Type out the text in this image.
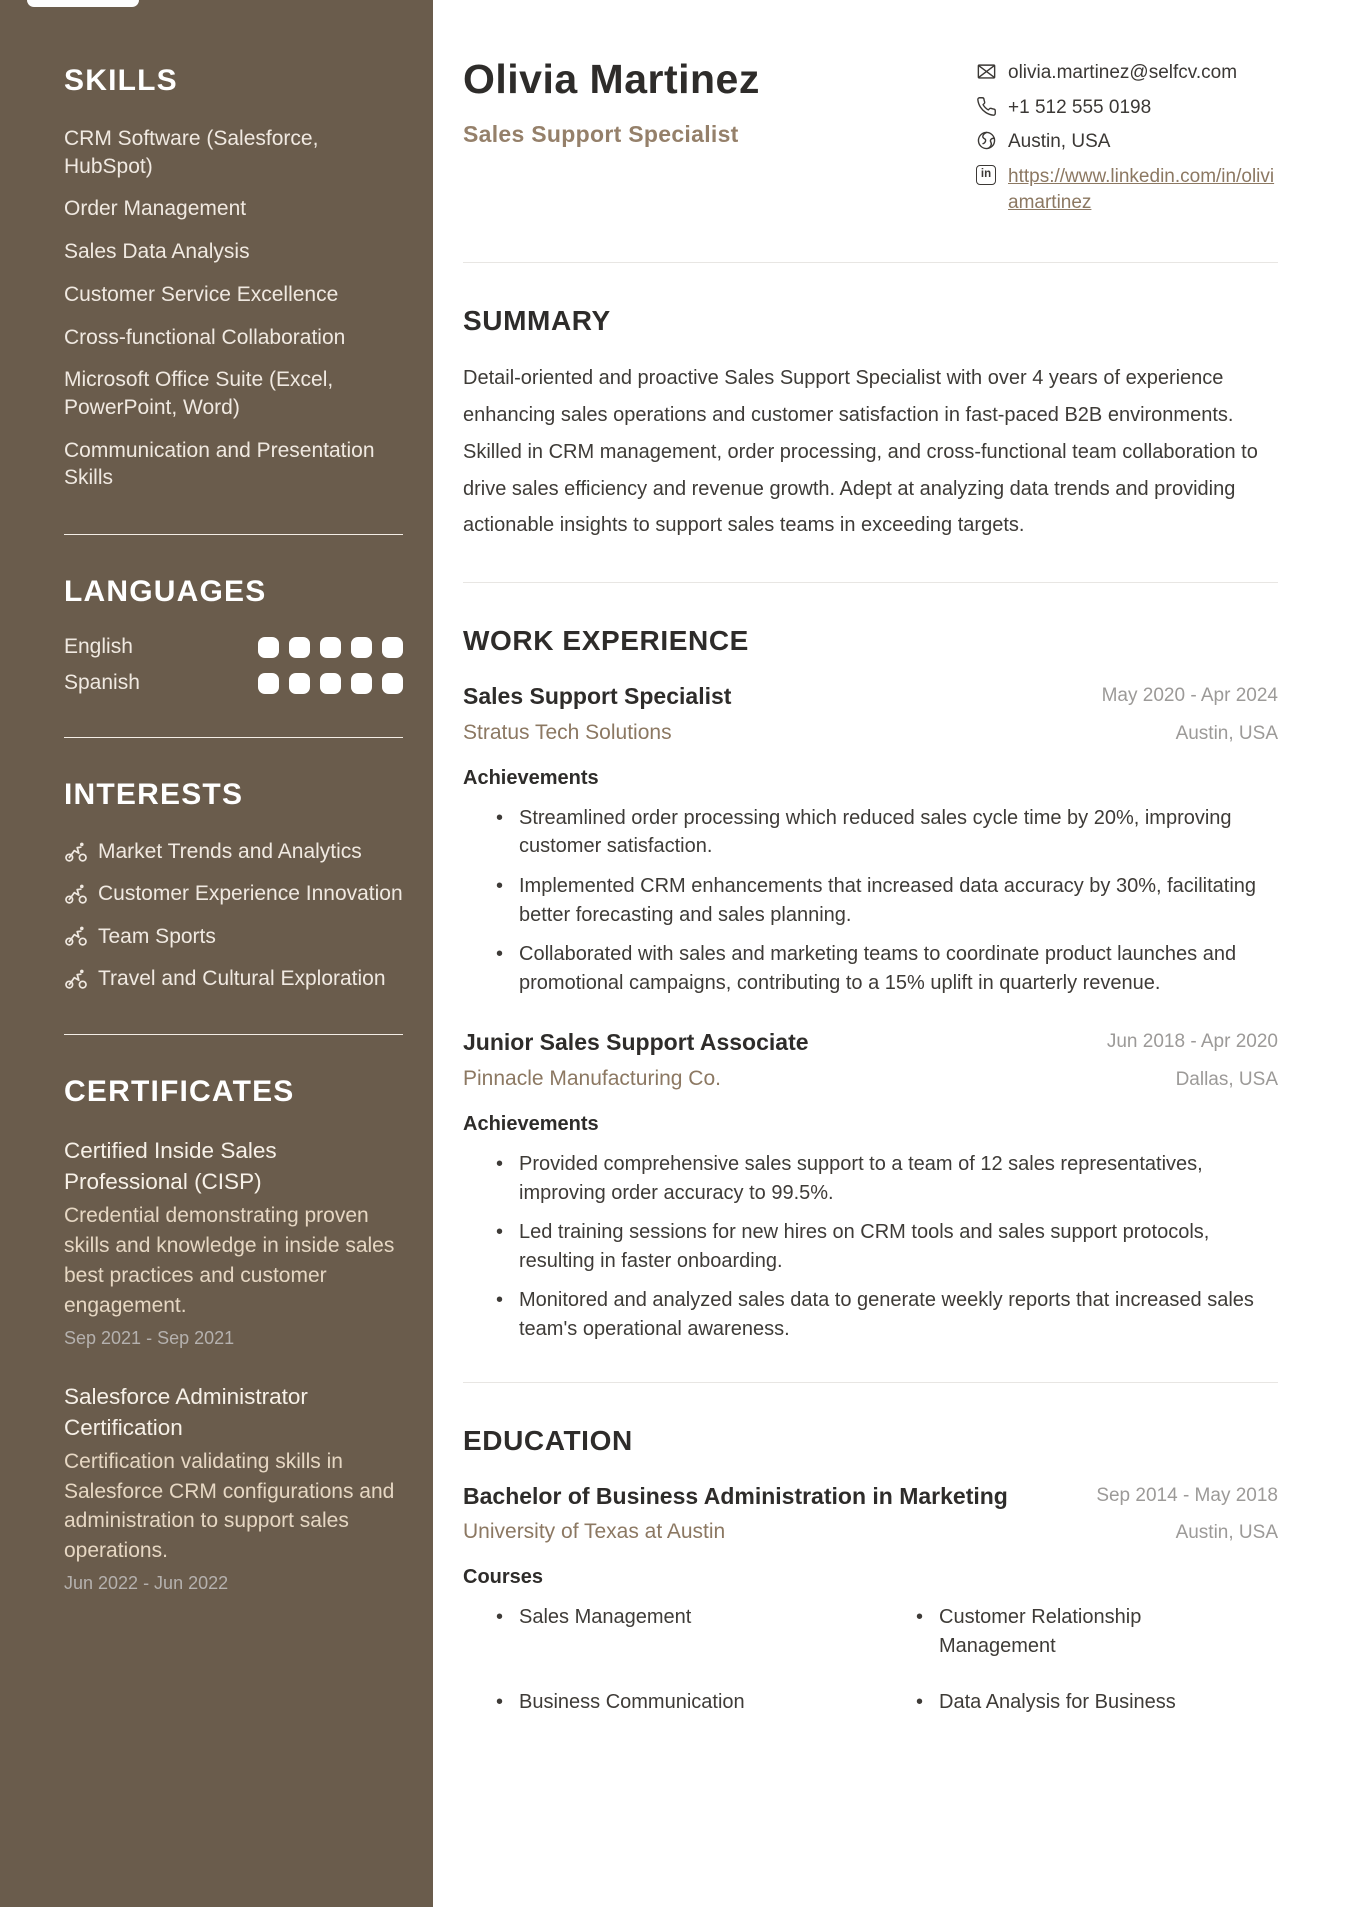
SKILLS
CRM Software (Salesforce, HubSpot)
Order Management
Sales Data Analysis
Customer Service Excellence
Cross-functional Collaboration
Microsoft Office Suite (Excel, PowerPoint, Word)
Communication and Presentation Skills
LANGUAGES
English
Spanish
INTERESTS
Market Trends and Analytics
Customer Experience Innovation
Team Sports
Travel and Cultural Exploration
CERTIFICATES
Certified Inside Sales Professional (CISP)
Credential demonstrating proven skills and knowledge in inside sales best practices and customer engagement.
Sep 2021 - Sep 2021
Salesforce Administrator Certification
Certification validating skills in Salesforce CRM configurations and administration to support sales operations.
Jun 2022 - Jun 2022
Olivia Martinez
Sales Support Specialist
olivia.martinez@selfcv.com
+1 512 555 0198
Austin, USA
in
https://www.linkedin.com/in/oliviamartinez
SUMMARY

Detail-oriented and proactive Sales Support Specialist with over 4 years of experience enhancing sales operations and customer satisfaction in fast-paced B2B environments. Skilled in CRM management, order processing, and cross-functional team collaboration to drive sales efficiency and revenue growth. Adept at analyzing data trends and providing actionable insights to support sales teams in exceeding targets.

WORK EXPERIENCE
Sales Support Specialist
Stratus Tech Solutions
May 2020 - Apr 2024
Austin, USA
Achievements
• Streamlined order processing which reduced sales cycle time by 20%, improving customer satisfaction.
• Implemented CRM enhancements that increased data accuracy by 30%, facilitating better forecasting and sales planning.
• Collaborated with sales and marketing teams to coordinate product launches and promotional campaigns, contributing to a 15% uplift in quarterly revenue.
Junior Sales Support Associate
Pinnacle Manufacturing Co.
Jun 2018 - Apr 2020
Dallas, USA
Achievements
• Provided comprehensive sales support to a team of 12 sales representatives, improving order accuracy to 99.5%.
• Led training sessions for new hires on CRM tools and sales support protocols, resulting in faster onboarding.
• Monitored and analyzed sales data to generate weekly reports that increased sales team's operational awareness.
EDUCATION
Bachelor of Business Administration in Marketing
University of Texas at Austin
Sep 2014 - May 2018
Austin, USA
Courses
• Sales Management	• Customer Relationship Management
• Business Communication	• Data Analysis for Business
